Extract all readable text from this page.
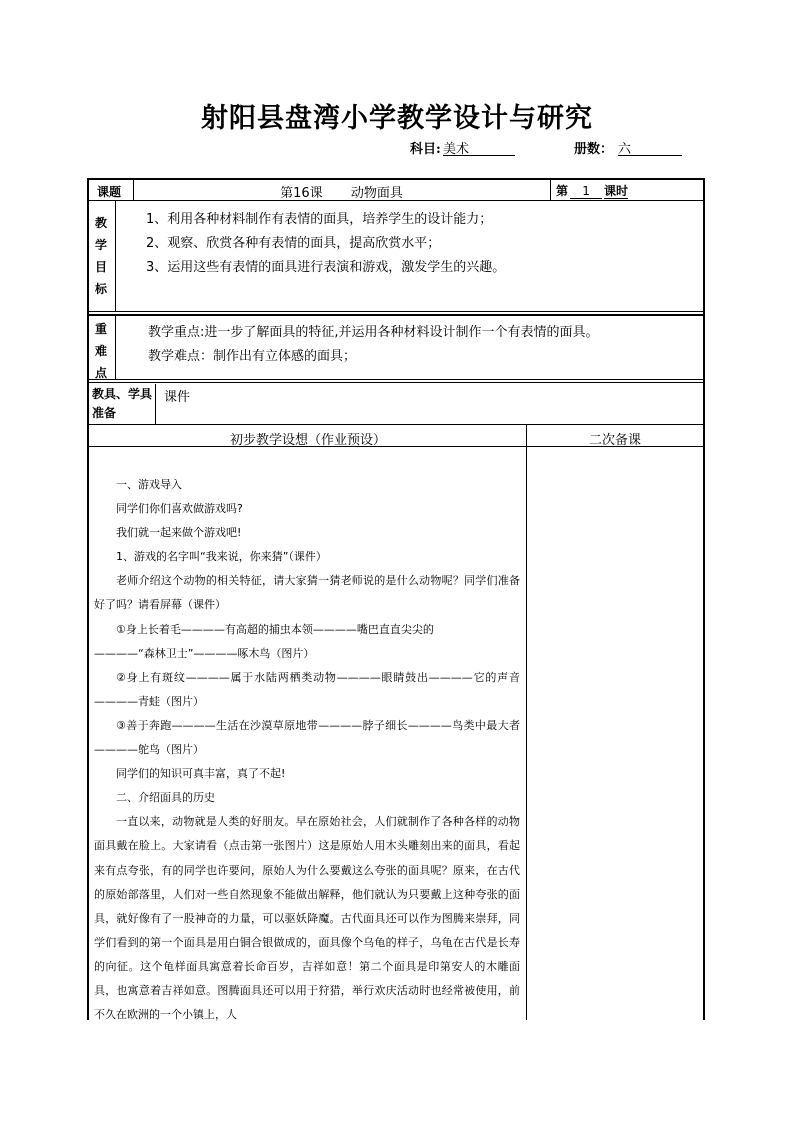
射阳县盘湾小学教学设计与研究
科目: 美术	册数： 六
课题	第16课 动物面具	第 1 课时
教学目标
1、利用各种材料制作有表情的面具，培养学生的设计能力；
2、观察、欣赏各种有表情的面具，提高欣赏水平；
3、运用这些有表情的面具进行表演和游戏，激发学生的兴趣。
重难点
教学重点:进一步了解面具的特征,并运用各种材料设计制作一个有表情的面具。
教学难点：制作出有立体感的面具；
教具、学具准备
课件
初步教学设想（作业预设）	二次备课

一、游戏导入

同学们你们喜欢做游戏吗?

我们就一起来做个游戏吧!

1、游戏的名字叫“我来说，你来猜”（课件）

老师介绍这个动物的相关特征，请大家猜一猜老师说的是什么动物呢？同学们准备好了吗？请看屏幕（课件）

①身上长着毛————有高超的捕虫本领————嘴巴直直尖尖的

————“森林卫士”————啄木鸟（图片）

②身上有斑纹————属于水陆两栖类动物————眼睛鼓出————它的声音————青蛙（图片）

③善于奔跑————生活在沙漠草原地带————脖子细长————鸟类中最大者————鸵鸟（图片）

同学们的知识可真丰富，真了不起!

二、介绍面具的历史

一直以来，动物就是人类的好朋友。早在原始社会，人们就制作了各种各样的动物面具戴在脸上。大家请看（点击第一张图片）这是原始人用木头雕刻出来的面具，看起来有点夸张，有的同学也许要问，原始人为什么要戴这么夸张的面具呢？原来，在古代的原始部落里，人们对一些自然现象不能做出解释，他们就认为只要戴上这种夸张的面具，就好像有了一股神奇的力量，可以驱妖降魔。古代面具还可以作为图腾来崇拜，同学们看到的第一个面具是用白铜合银做成的，面具像个乌龟的样子，乌龟在古代是长寿的向征。这个龟样面具寓意着长命百岁，吉祥如意！第二个面具是印第安人的木雕面具，也寓意着吉祥如意。图腾面具还可以用于狩猎，举行欢庆活动时也经常被使用，前不久在欧洲的一个小镇上，人
